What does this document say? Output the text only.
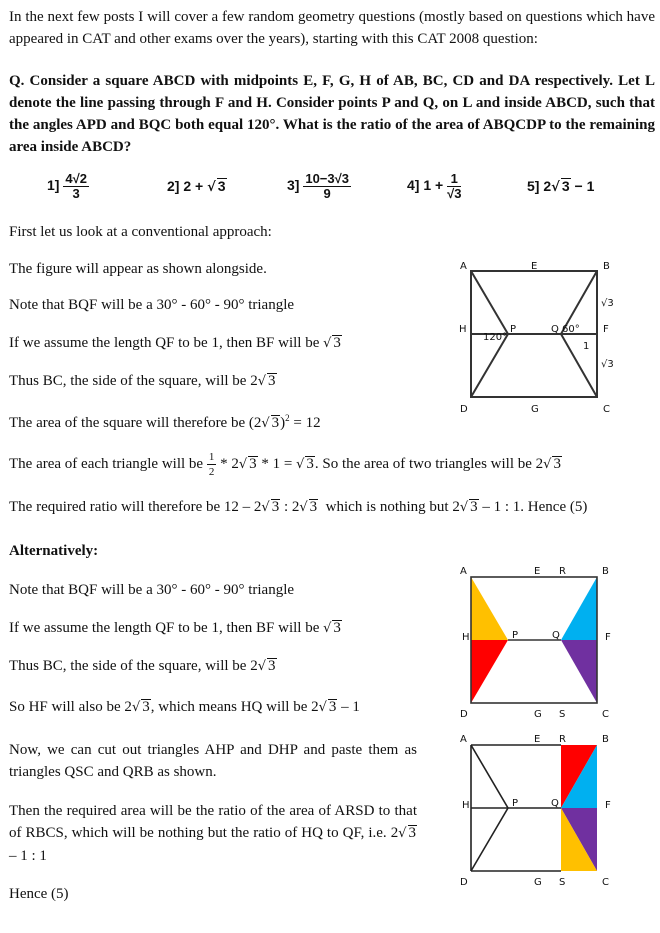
In the next few posts I will cover a few random geometry questions (mostly based on questions which have appeared in CAT and other exams over the years), starting with this CAT 2008 question:
Q. Consider a square ABCD with midpoints E, F, G, H of AB, BC, CD and DA respectively. Let L denote the line passing through F and H. Consider points P and Q, on L and inside ABCD, such that the angles APD and BQC both equal 120°. What is the ratio of the area of ABQCDP to the remaining area inside ABCD?
$1] \frac{4√2}{3}$	2] 2 + √ 3	$3] \frac{10-3√3}{9}$	4] $1 + \frac{1}{√3}$	5] 2√ 3 − 1
First let us look at a conventional approach:
The figure will appear as shown alongside.
Note that BQF will be a 30° - 60° - 90° triangle
If we assume the length QF to be 1, then BF will be √ 3
Thus BC, the side of the square, will be 2√ 3
The area of the square will therefore be (2√ 3)$^2$ = 12
The area of each triangle will be $\frac{1}{2} * 2√$ 3 * 1 = √ 3. So the area of two triangles will be 2√ 3
The required ratio will therefore be 12 – 2√ 3 : 2√ 3  which is nothing but 2√ 3 – 1 : 1. Hence (5)
Alternatively:
Note that BQF will be a 30° - 60° - 90° triangle
If we assume the length QF to be 1, then BF will be √ 3
Thus BC, the side of the square, will be 2√ 3
So HF will also be 2√ 3, which means HQ will be 2√ 3 – 1
Now, we can cut out triangles AHP and DHP and paste them as triangles QSC and QRB as shown.
Then the required area will be the ratio of the area of ARSD to that of RBCS, which will be nothing but the ratio of HQ to QF, i.e. 2√ 3 – 1 : 1
Hence (5)
A	E	B
H
120°
P	Q 60° F
1
√3
√3
D	G	C
A	E R	B
H	P	Q	F
D	G S	C
A	E R	B
H	P	Q	F
D	G S	C
